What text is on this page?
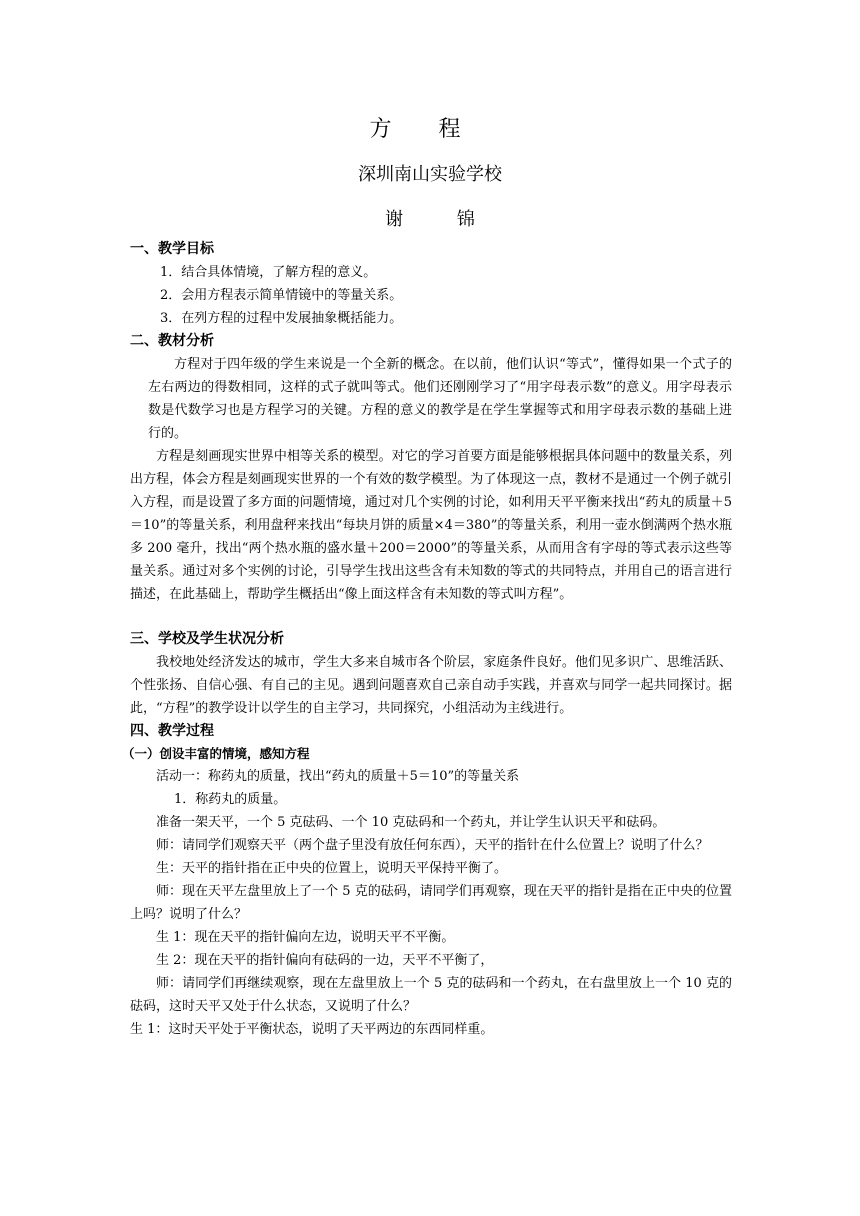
方 程
深圳南山实验学校
谢 锦
一、教学目标
1．结合具体情境，了解方程的意义。
2．会用方程表示简单情镜中的等量关系。
3．在列方程的过程中发展抽象概括能力。
二、教材分析

方程对于四年级的学生来说是一个全新的概念。在以前，他们认识“等式”，懂得如果一个式子的左右两边的得数相同，这样的式子就叫等式。他们还刚刚学习了“用字母表示数”的意义。用字母表示数是代数学习也是方程学习的关键。方程的意义的教学是在学生掌握等式和用字母表示数的基础上进行的。

方程是刻画现实世界中相等关系的模型。对它的学习首要方面是能够根据具体问题中的数量关系，列出方程，体会方程是刻画现实世界的一个有效的数学模型。为了体现这一点，教材不是通过一个例子就引入方程，而是设置了多方面的问题情境，通过对几个实例的讨论，如利用天平平衡来找出“药丸的质量＋5＝10”的等量关系，利用盘秤来找出“每块月饼的质量×4＝380”的等量关系，利用一壶水倒满两个热水瓶多 200 毫升，找出“两个热水瓶的盛水量＋200＝2000”的等量关系，从而用含有字母的等式表示这些等量关系。通过对多个实例的讨论，引导学生找出这些含有未知数的等式的共同特点，并用自己的语言进行描述，在此基础上，帮助学生概括出“像上面这样含有未知数的等式叫方程”。

三、学校及学生状况分析

我校地处经济发达的城市，学生大多来自城市各个阶层，家庭条件良好。他们见多识广、思维活跃、个性张扬、自信心强、有自己的主见。遇到问题喜欢自己亲自动手实践，并喜欢与同学一起共同探讨。据此，“方程”的教学设计以学生的自主学习，共同探究，小组活动为主线进行。

四、教学过程
（一）创设丰富的情境，感知方程

活动一：称药丸的质量，找出“药丸的质量＋5＝10”的等量关系

1．称药丸的质量。

准备一架天平，一个 5 克砝码、一个 10 克砝码和一个药丸，并让学生认识天平和砝码。

师：请同学们观察天平（两个盘子里没有放任何东西），天平的指针在什么位置上？说明了什么？

生：天平的指针指在正中央的位置上，说明天平保持平衡了。

师：现在天平左盘里放上了一个 5 克的砝码，请同学们再观察，现在天平的指针是指在正中央的位置上吗？说明了什么？

生 1：现在天平的指针偏向左边，说明天平不平衡。

生 2：现在天平的指针偏向有砝码的一边，天平不平衡了，

师：请同学们再继续观察，现在左盘里放上一个 5 克的砝码和一个药丸，在右盘里放上一个 10 克的砝码，这时天平又处于什么状态，又说明了什么？

生 1：这时天平处于平衡状态，说明了天平两边的东西同样重。
